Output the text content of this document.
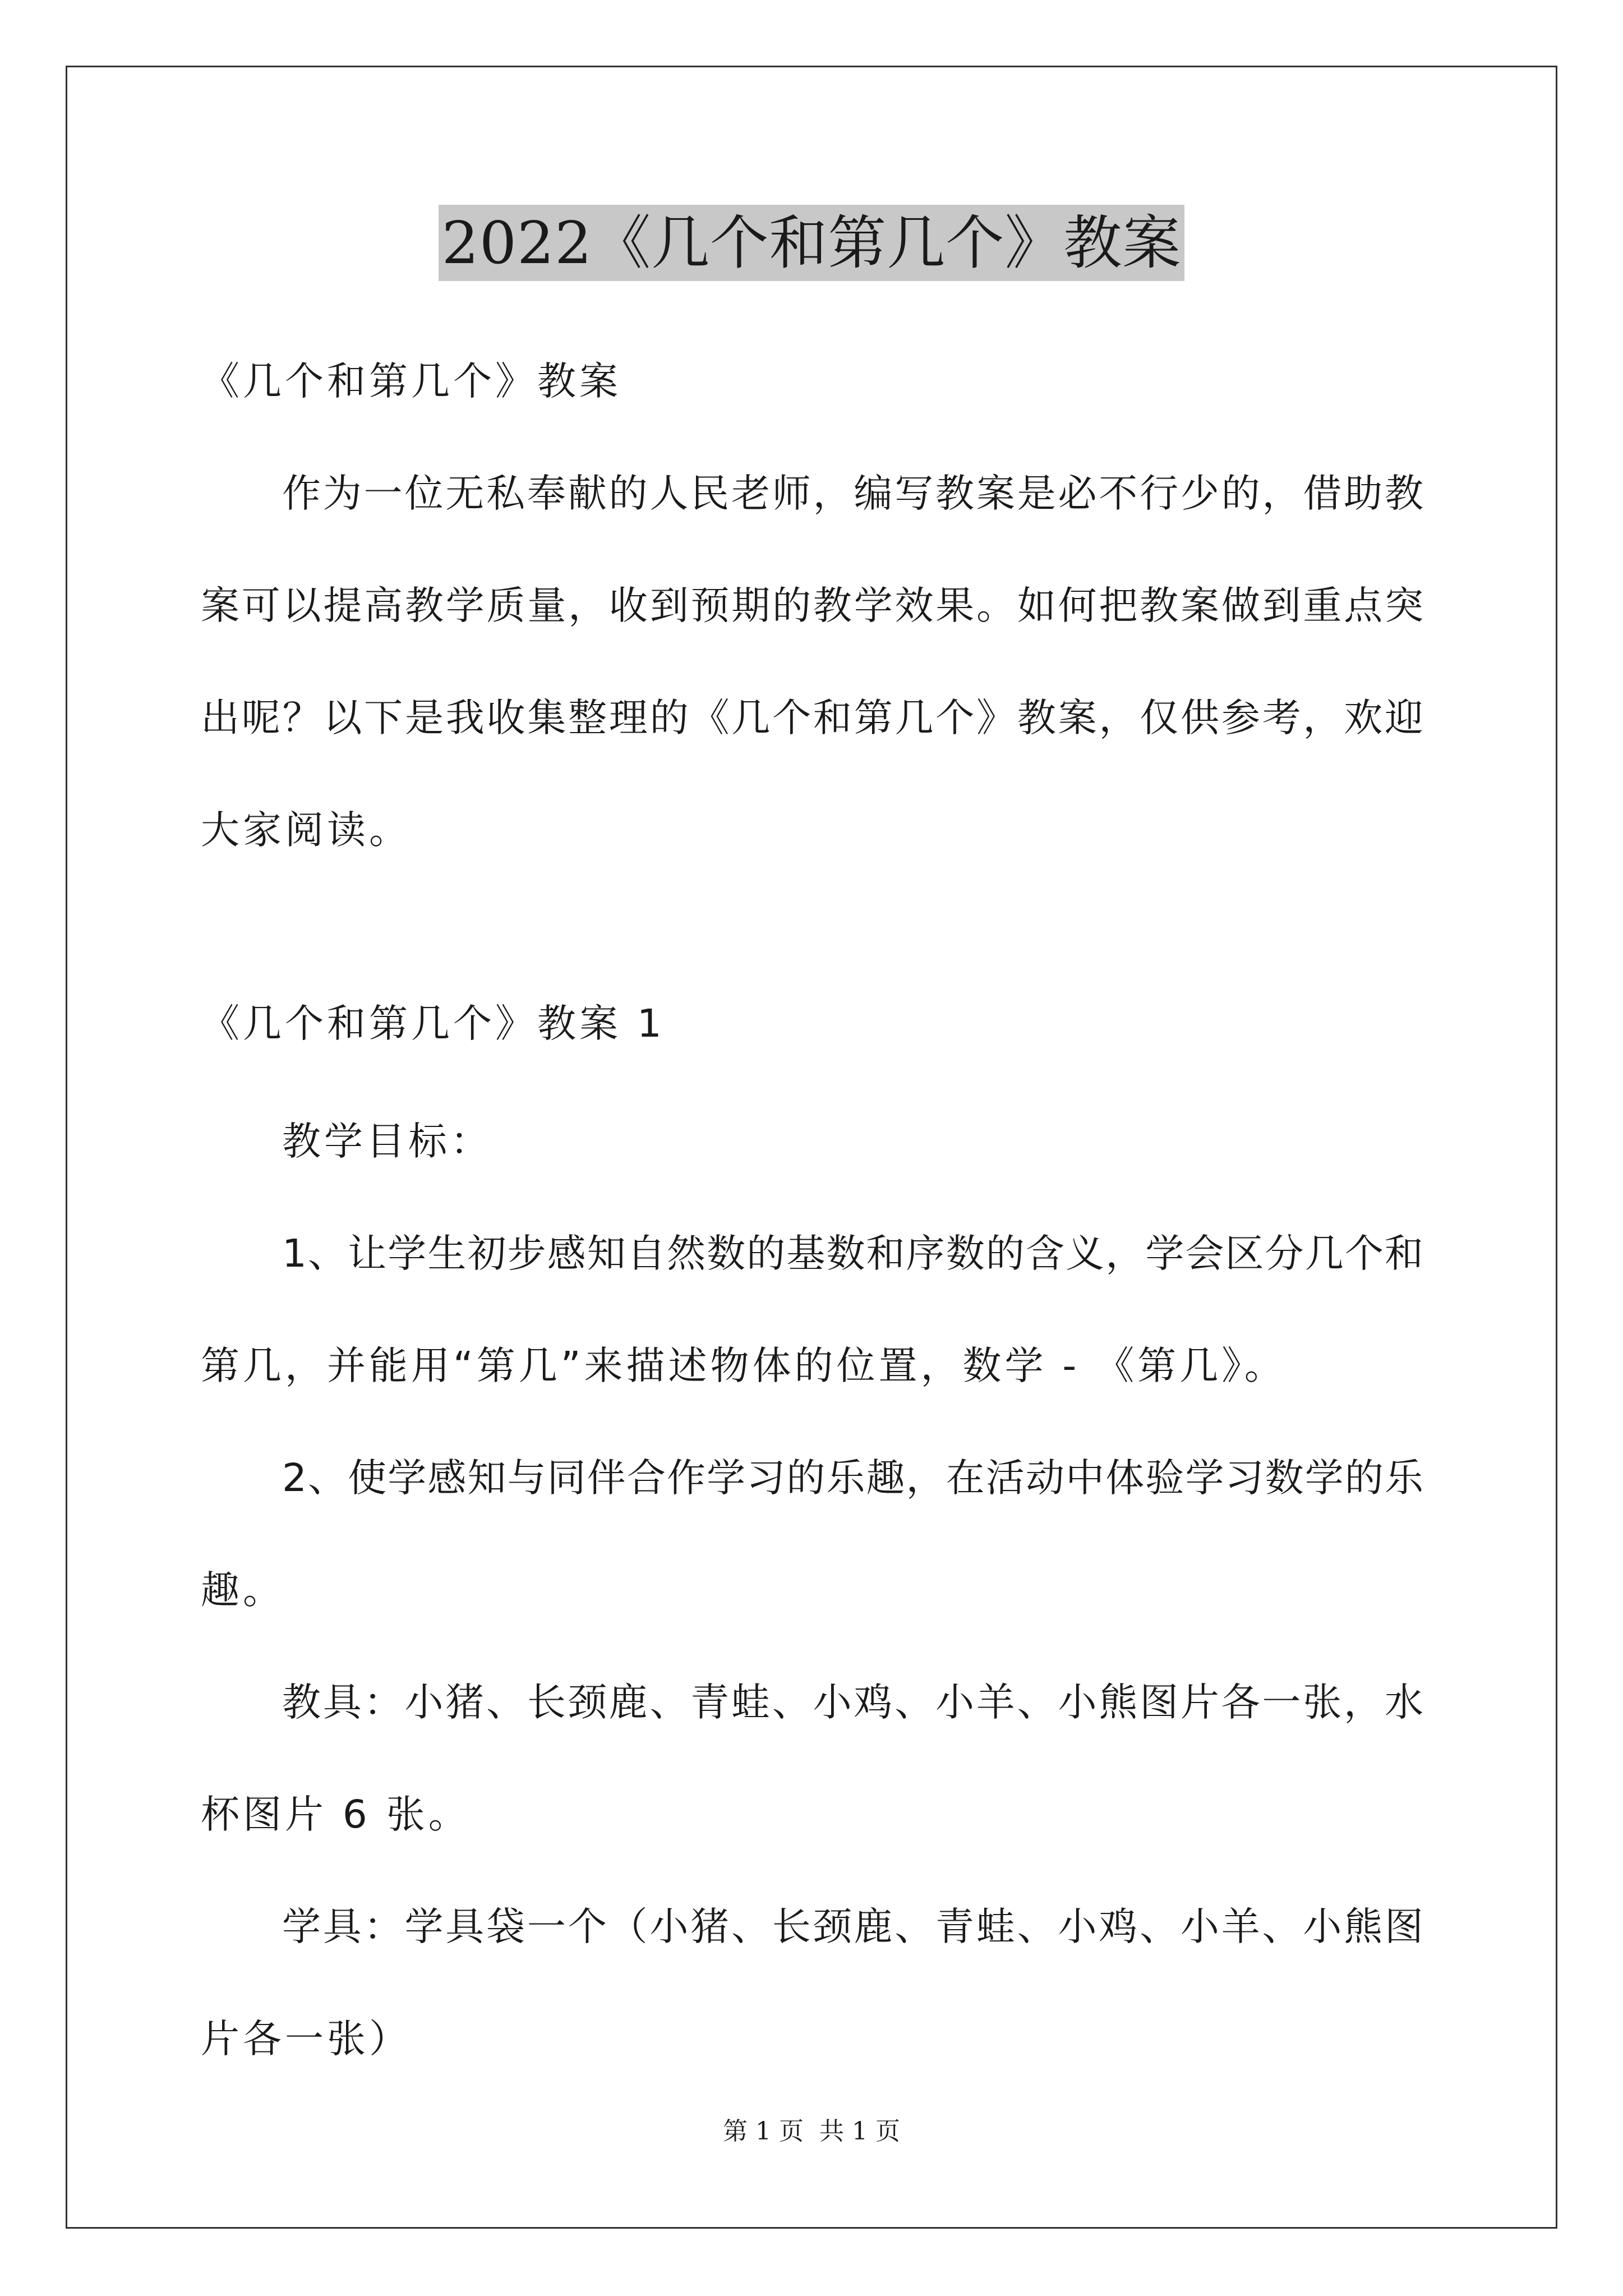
2022《几个和第几个》教案
《几个和第几个》教案
作为一位无私奉献的人民老师，编写教案是必不行少的，借助教
案可以提高教学质量，收到预期的教学效果。如何把教案做到重点突
出呢？以下是我收集整理的《几个和第几个》教案，仅供参考，欢迎
大家阅读。
《几个和第几个》教案 1
教学目标：
1、让学生初步感知自然数的基数和序数的含义，学会区分几个和
第几，并能用“第几”来描述物体的位置，数学 - 《第几》。
2、使学感知与同伴合作学习的乐趣，在活动中体验学习数学的乐
趣。
教具：小猪、长颈鹿、青蛙、小鸡、小羊、小熊图片各一张，水
杯图片 6 张。
学具：学具袋一个（小猪、长颈鹿、青蛙、小鸡、小羊、小熊图
片各一张）
第 1 页 共 1 页
